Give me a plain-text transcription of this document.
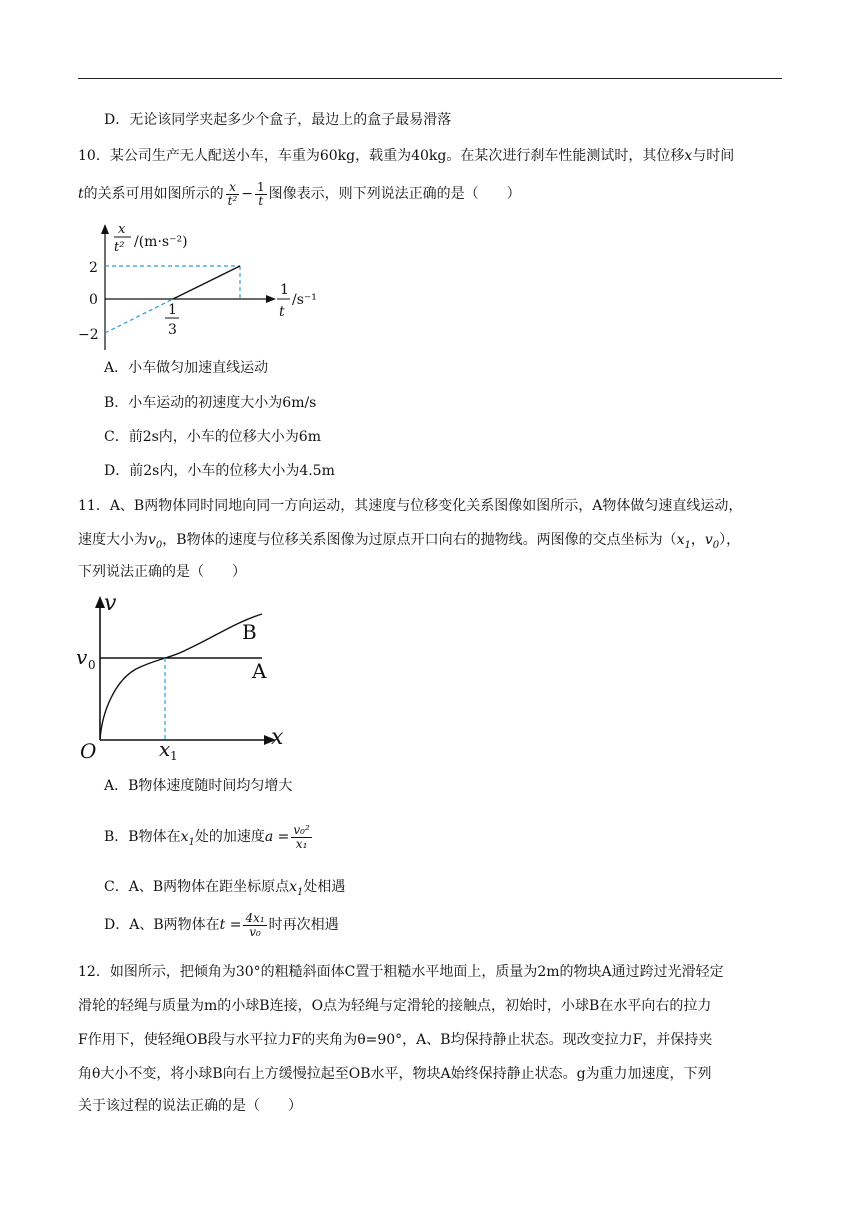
D．无论该同学夹起多少个盒子，最边上的盒子最易滑落
10．某公司生产无人配送小车，车重为60kg，载重为40kg。在某次进行刹车性能测试时，其位移x与时间
t的关系可用如图所示的 $\frac{x}{\text{t²}} - \frac{1}{t}$ 图像表示，则下列说法正确的是（　　）
x
t² /(m·s⁻²)
2
0
−2
1
3
1
t
/s⁻¹
A．小车做匀加速直线运动
B．小车运动的初速度大小为6m/s
C．前2s内，小车的位移大小为6m
D．前2s内，小车的位移大小为4.5m
11．A、B两物体同时同地向同一方向运动，其速度与位移变化关系图像如图所示，A物体做匀速直线运动，
速度大小为$v_0$，B物体的速度与位移关系图像为过原点开口向右的抛物线。两图像的交点坐标为（$x_1$，$v_0$），
下列说法正确的是（　　）
v
x
O
v 0
x 1
B
A
A．B物体速度随时间均匀增大
B．B物体在$x_1$处的加速度$a = \frac{\text{v₀²}}{\text{x₁}}$
C．A、B两物体在距坐标原点$x_1$处相遇
D．A、B两物体在$t = \frac{\text{4x₁}}{\text{v₀}}$ 时再次相遇
12．如图所示，把倾角为30°的粗糙斜面体C置于粗糙水平地面上，质量为2m的物块A通过跨过光滑轻定
滑轮的轻绳与质量为m的小球B连接，O点为轻绳与定滑轮的接触点，初始时，小球B在水平向右的拉力
F作用下，使轻绳OB段与水平拉力F的夹角为θ=90°，A、B均保持静止状态。现改变拉力F，并保持夹
角θ大小不变，将小球B向右上方缓慢拉起至OB水平，物块A始终保持静止状态。g为重力加速度，下列
关于该过程的说法正确的是（　　）
